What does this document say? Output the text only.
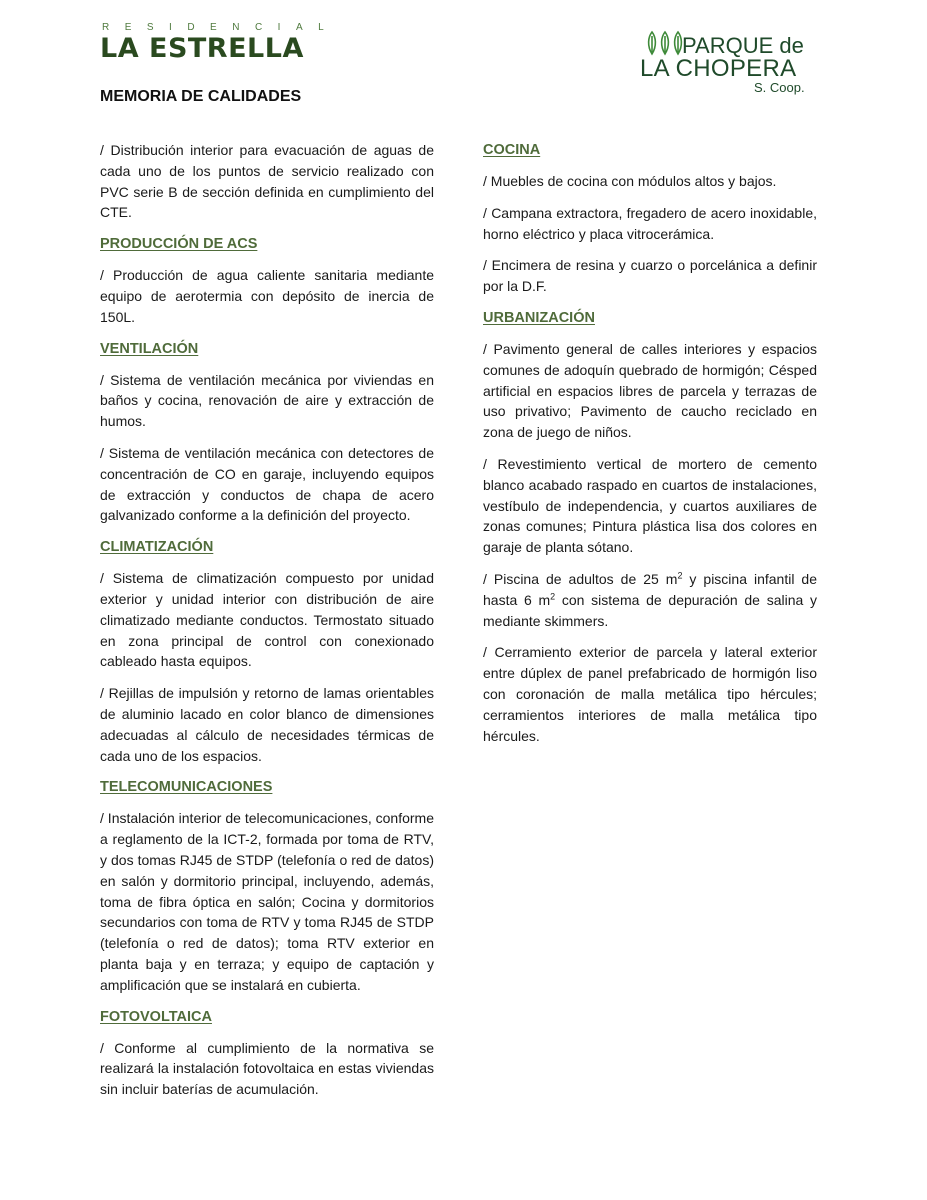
RESIDENCIAL
LA ESTRELLA	PARQUE de
LA CHOPERA
S. Coop.
MEMORIA DE CALIDADES

/ Distribución interior para evacuación de aguas de cada uno de los puntos de servicio realizado con PVC serie B de sección definida en cumplimiento del CTE.

PRODUCCIÓN DE ACS

/ Producción de agua caliente sanitaria mediante equipo de aerotermia con depósito de inercia de 150L.

VENTILACIÓN

/ Sistema de ventilación mecánica por viviendas en baños y cocina, renovación de aire y extracción de humos.

/ Sistema de ventilación mecánica con detectores de concentración de CO en garaje, incluyendo equipos de extracción y conductos de chapa de acero galvanizado conforme a la definición del proyecto.

CLIMATIZACIÓN

/ Sistema de climatización compuesto por unidad exterior y unidad interior con distribución de aire climatizado mediante conductos. Termostato situado en zona principal de control con conexionado cableado hasta equipos.

/ Rejillas de impulsión y retorno de lamas orientables de aluminio lacado en color blanco de dimensiones adecuadas al cálculo de necesidades térmicas de cada uno de los espacios.

TELECOMUNICACIONES

/ Instalación interior de telecomunicaciones, conforme a reglamento de la ICT-2, formada por toma de RTV, y dos tomas RJ45 de STDP (telefonía o red de datos) en salón y dormitorio principal, incluyendo, además, toma de fibra óptica en salón; Cocina y dormitorios secundarios con toma de RTV y toma RJ45 de STDP (telefonía o red de datos); toma RTV exterior en planta baja y en terraza; y equipo de captación y amplificación que se instalará en cubierta.

FOTOVOLTAICA

/ Conforme al cumplimiento de la normativa se realizará la instalación fotovoltaica en estas viviendas sin incluir baterías de acumulación.

COCINA

/ Muebles de cocina con módulos altos y bajos.

/ Campana extractora, fregadero de acero inoxidable, horno eléctrico y placa vitrocerámica.

/ Encimera de resina y cuarzo o porcelánica a definir por la D.F.

URBANIZACIÓN

/ Pavimento general de calles interiores y espacios comunes de adoquín quebrado de hormigón; Césped artificial en espacios libres de parcela y terrazas de uso privativo; Pavimento de caucho reciclado en zona de juego de niños.

/ Revestimiento vertical de mortero de cemento blanco acabado raspado en cuartos de instalaciones, vestíbulo de independencia, y cuartos auxiliares de zonas comunes; Pintura plástica lisa dos colores en garaje de planta sótano.

/ Piscina de adultos de 25 $m^2$ y piscina infantil de hasta 6 $m^2$ con sistema de depuración de salina y mediante skimmers.

/ Cerramiento exterior de parcela y lateral exterior entre dúplex de panel prefabricado de hormigón liso con coronación de malla metálica tipo hércules; cerramientos interiores de malla metálica tipo hércules.
